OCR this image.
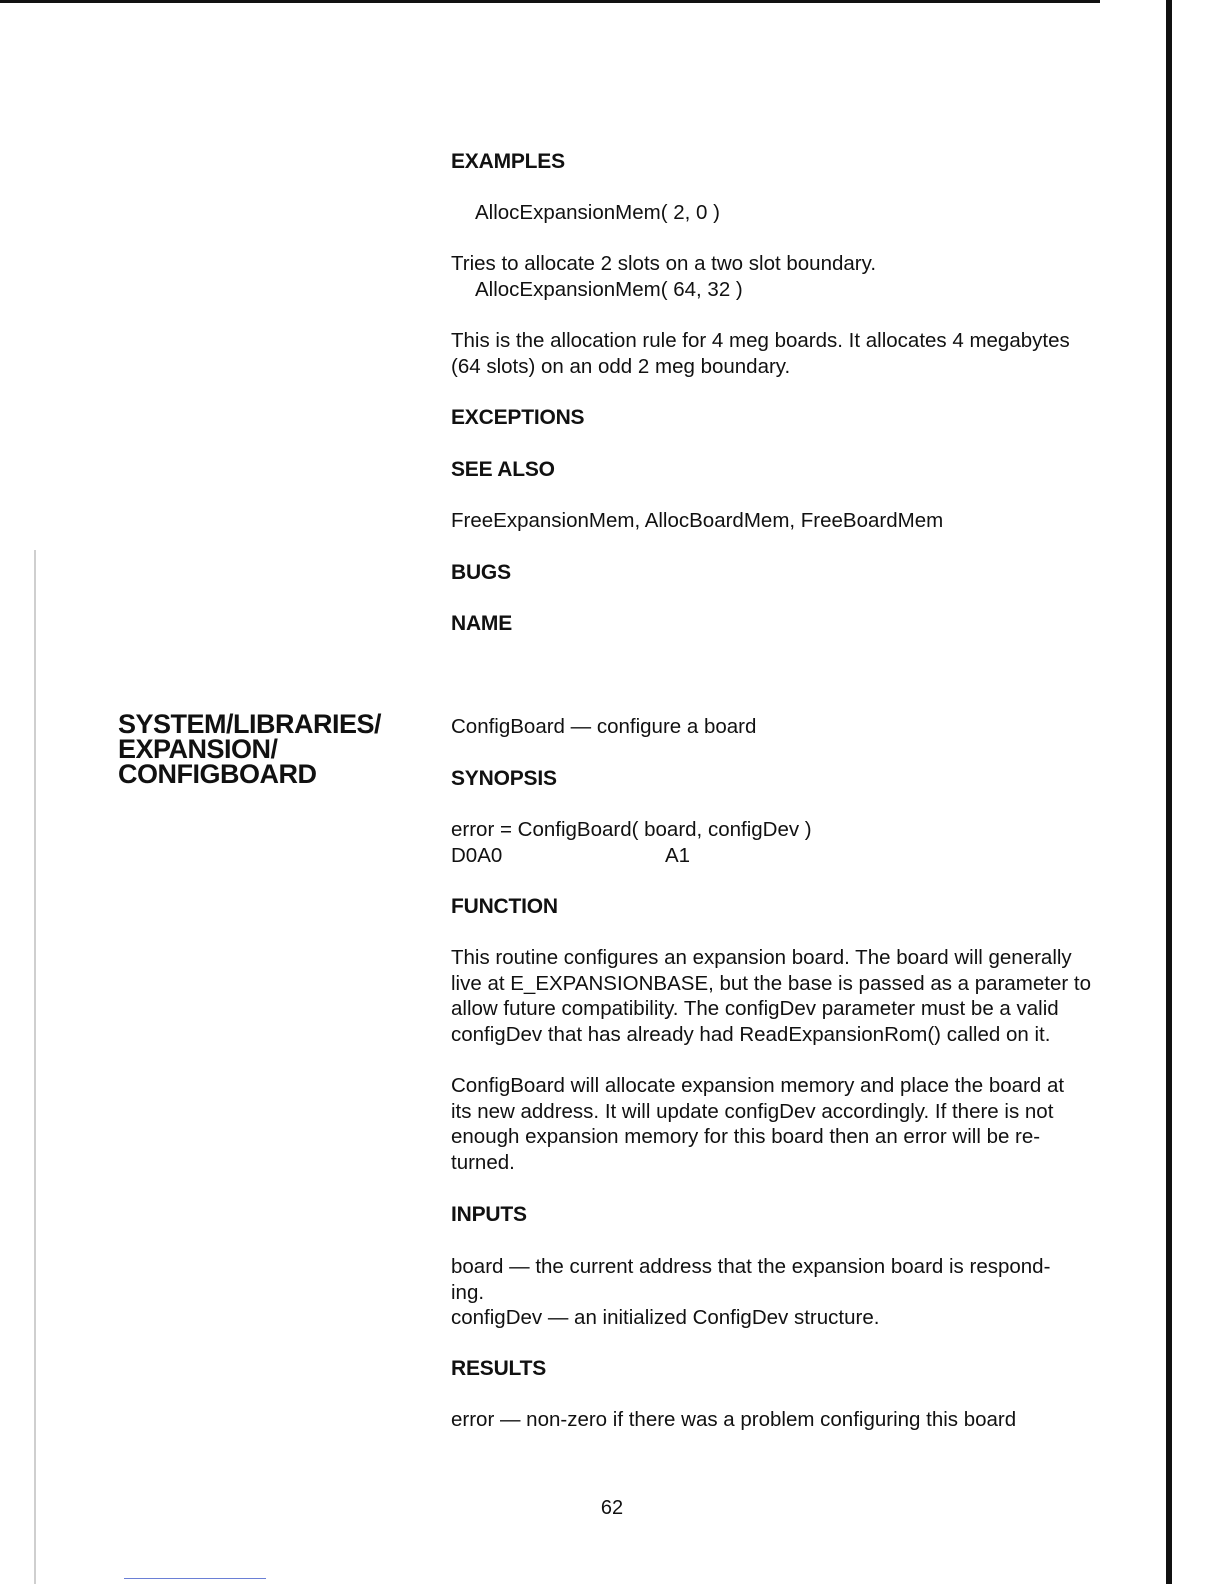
EXAMPLES

AllocExpansionMem( 2, 0 )

Tries to allocate 2 slots on a two slot boundary.

AllocExpansionMem( 64, 32 )

This is the allocation rule for 4 meg boards. It allocates 4 megabytes

(64 slots) on an odd 2 meg boundary.

EXCEPTIONS
SEE ALSO

FreeExpansionMem, AllocBoardMem, FreeBoardMem

BUGS
NAME
SYSTEM/LIBRARIES/
EXPANSION/
CONFIGBOARD

ConfigBoard — configure a board

SYNOPSIS

error = ConfigBoard( board, configDev )

D0A0	A1
FUNCTION

This routine configures an expansion board. The board will generally

live at E_EXPANSIONBASE, but the base is passed as a parameter to

allow future compatibility. The configDev parameter must be a valid

configDev that has already had ReadExpansionRom() called on it.

ConfigBoard will allocate expansion memory and place the board at

its new address. It will update configDev accordingly. If there is not

enough expansion memory for this board then an error will be re-

turned.

INPUTS

board — the current address that the expansion board is respond-

ing.

configDev — an initialized ConfigDev structure.

RESULTS

error — non-zero if there was a problem configuring this board

62
